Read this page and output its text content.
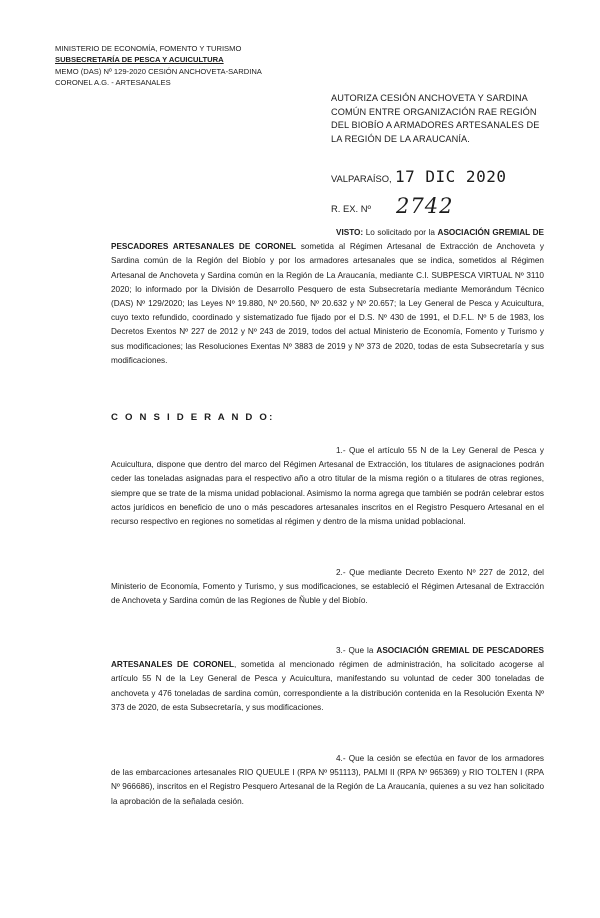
MINISTERIO DE ECONOMÍA, FOMENTO Y TURISMO
SUBSECRETARÍA DE PESCA Y ACUICULTURA
MEMO (DAS) Nº 129-2020 CESIÓN ANCHOVETA-SARDINA
CORONEL A.G. - ARTESANALES
AUTORIZA CESIÓN ANCHOVETA Y SARDINA COMÚN ENTRE ORGANIZACIÓN RAE REGIÓN DEL BIOBÍO A ARMADORES ARTESANALES DE LA REGIÓN DE LA ARAUCANÍA.
VALPARAÍSO, 17 DIC 2020
R. EX. Nº 2742

VISTO: Lo solicitado por la ASOCIACIÓN GREMIAL DE PESCADORES ARTESANALES DE CORONEL sometida al Régimen Artesanal de Extracción de Anchoveta y Sardina común de la Región del Biobío y por los armadores artesanales que se indica, sometidos al Régimen Artesanal de Anchoveta y Sardina común en la Región de La Araucanía, mediante C.I. SUBPESCA VIRTUAL Nº 3110 2020; lo informado por la División de Desarrollo Pesquero de esta Subsecretaría mediante Memorándum Técnico (DAS) Nº 129/2020; las Leyes Nº 19.880, Nº 20.560, Nº 20.632 y Nº 20.657; la Ley General de Pesca y Acuicultura, cuyo texto refundido, coordinado y sistematizado fue fijado por el D.S. Nº 430 de 1991, el D.F.L. Nº 5 de 1983, los Decretos Exentos Nº 227 de 2012 y Nº 243 de 2019, todos del actual Ministerio de Economía, Fomento y Turismo y sus modificaciones; las Resoluciones Exentas Nº 3883 de 2019 y Nº 373 de 2020, todas de esta Subsecretaría y sus modificaciones.

C O N S I D E R A N D O:

1.- Que el artículo 55 N de la Ley General de Pesca y Acuicultura, dispone que dentro del marco del Régimen Artesanal de Extracción, los titulares de asignaciones podrán ceder las toneladas asignadas para el respectivo año a otro titular de la misma región o a titulares de otras regiones, siempre que se trate de la misma unidad poblacional. Asimismo la norma agrega que también se podrán celebrar estos actos jurídicos en beneficio de uno o más pescadores artesanales inscritos en el Registro Pesquero Artesanal en el recurso respectivo en regiones no sometidas al régimen y dentro de la misma unidad poblacional.

2.- Que mediante Decreto Exento Nº 227 de 2012, del Ministerio de Economía, Fomento y Turismo, y sus modificaciones, se estableció el Régimen Artesanal de Extracción de Anchoveta y Sardina común de las Regiones de Ñuble y del Biobío.

3.- Que la ASOCIACIÓN GREMIAL DE PESCADORES ARTESANALES DE CORONEL, sometida al mencionado régimen de administración, ha solicitado acogerse al artículo 55 N de la Ley General de Pesca y Acuicultura, manifestando su voluntad de ceder 300 toneladas de anchoveta y 476 toneladas de sardina común, correspondiente a la distribución contenida en la Resolución Exenta Nº 373 de 2020, de esta Subsecretaría, y sus modificaciones.

4.- Que la cesión se efectúa en favor de los armadores de las embarcaciones artesanales RIO QUEULE I (RPA Nº 951113), PALMI II (RPA Nº 965369) y RIO TOLTEN I (RPA Nº 966686), inscritos en el Registro Pesquero Artesanal de la Región de La Araucanía, quienes a su vez han solicitado la aprobación de la señalada cesión.
